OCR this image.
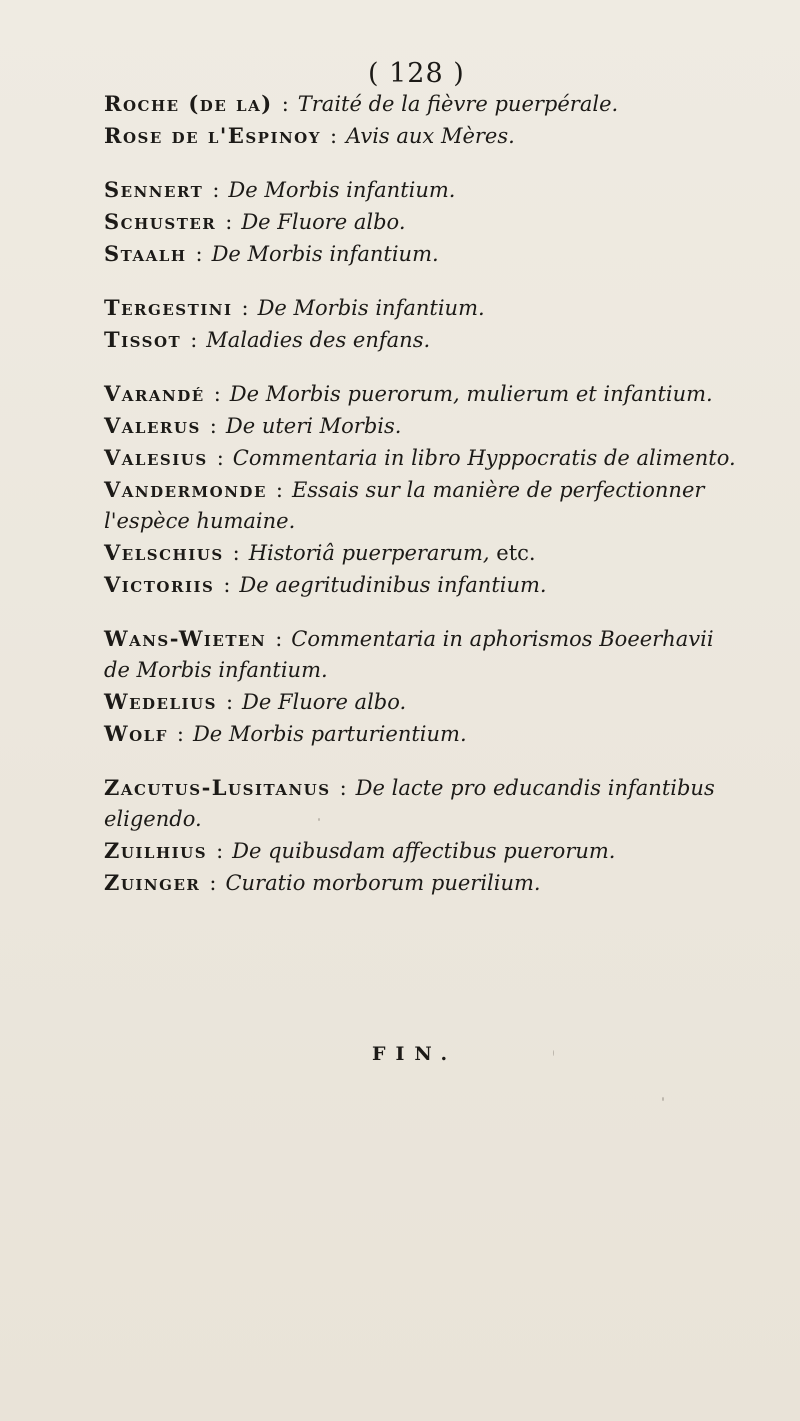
( 128 )
Roche (de la) : Traité de la fièvre puerpérale.
Rose de l'Espinoy : Avis aux Mères.
Sennert : De Morbis infantium.
Schuster : De Fluore albo.
Staalh : De Morbis infantium.
Tergestini : De Morbis infantium.
Tissot : Maladies des enfans.
Varandé : De Morbis puerorum, mulierum et infantium.
Valerus : De uteri Morbis.
Valesius : Commentaria in libro Hyppocratis de alimento.
Vandermonde : Essais sur la manière de perfectionner
l'espèce humaine.
Velschius : Historiâ puerperarum, etc.
Victoriis : De aegritudinibus infantium.
Wans-Wieten : Commentaria in aphorismos Boeerhavii
de Morbis infantium.
Wedelius : De Fluore albo.
Wolf : De Morbis parturientium.
Zacutus-Lusitanus : De lacte pro educandis infantibus
eligendo.
Zuilhius : De quibusdam affectibus puerorum.
Zuinger : Curatio morborum puerilium.
FIN.
